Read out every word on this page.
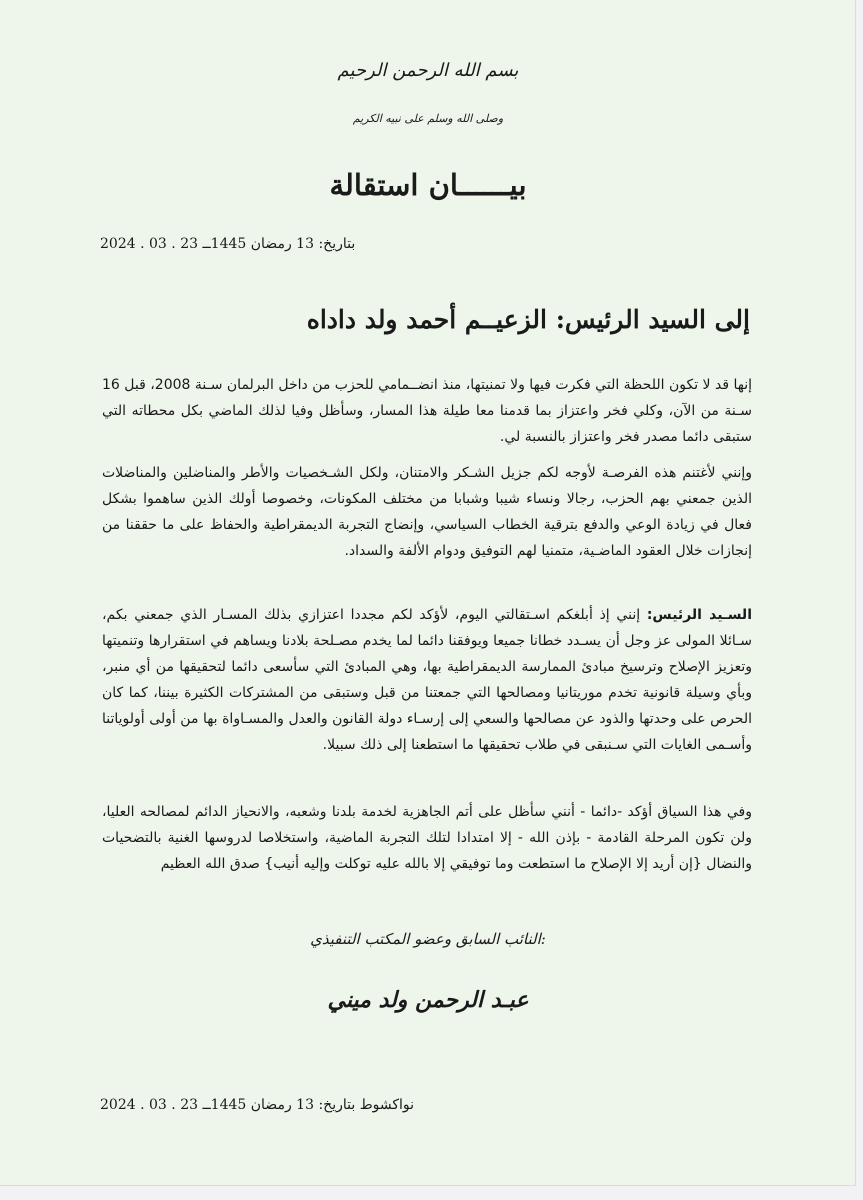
بسم الله الرحمن الرحيم
وصلى الله وسلم على نبيه الكريم
بيــــــان استقالة
بتاريخ: 13 رمضان 1445ــ 23 . 03 . 2024
إلى السيد الرئيس: الزعيــم أحمد ولد داداه
إنها قد لا تكون اللحظة التي فكرت فيها ولا تمنيتها، منذ انضــمامي للحزب من داخل البرلمان سـنة 2008، قبل 16 سـنة من الآن، وكلي فخر واعتزاز بما قدمنا معا طيلة هذا المسار، وسأظل وفيا لذلك الماضي بكل محطاته التي ستبقى دائما مصدر فخر واعتزاز بالنسبة لي.
وإنني لأغتنم هذه الفرصـة لأوجه لكم جزيل الشـكر والامتنان، ولكل الشـخصيات والأطر والمناضلين والمناضلات الذين جمعني بهم الحزب، رجالا ونساء شيبا وشبابا من مختلف المكونات، وخصوصا أولك الذين ساهموا بشكل فعال في زيادة الوعي والدفع بترقية الخطاب السياسي، وإنضاج التجربة الديمقراطية والحفاظ على ما حققنا من إنجازات خلال العقود الماضـية، متمنيا لهم التوفيق ودوام الألفة والسداد.
السـيد الرئيس: إنني إذ أبلغكم اسـتقالتي اليوم، لأؤكد لكم مجددا اعتزازي بذلك المسـار الذي جمعني بكم، سـائلا المولى عز وجل أن يسـدد خطانا جميعا ويوفقنا دائما لما يخدم مصـلحة بلادنا ويساهم في استقرارها وتنميتها وتعزيز الإصلاح وترسيخ مبادئ الممارسة الديمقراطية بها، وهي المبادئ التي سأسعى دائما لتحقيقها من أي منبر، وبأي وسيلة قانونية تخدم موريتانيا ومصالحها التي جمعتنا من قبل وستبقى من المشتركات الكثيرة بيننا، كما كان الحرص على وحدتها والذود عن مصالحها والسعي إلى إرسـاء دولة القانون والعدل والمسـاواة بها من أولى أولوياتنا وأسـمى الغايات التي سـنبقى في طلاب تحقيقها ما استطعنا إلى ذلك سبيلا.
وفي هذا السياق أؤكد -دائما - أنني سأظل على أتم الجاهزية لخدمة بلدنا وشعبه، والانحياز الدائم لمصالحه العليا، ولن تكون المرحلة القادمة - بإذن الله - إلا امتدادا لتلك التجربة الماضية، واستخلاصا لدروسها الغنية بالتضحيات والنضال {إن أريد إلا الإصلاح ما استطعت وما توفيقي إلا بالله عليه توكلت وإليه أنيب} صدق الله العظيم
النائب السابق وعضو المكتب التنفيذي:
عبـد الرحمن ولد ميني
نواكشوط بتاريخ: 13 رمضان 1445ــ 23 . 03 . 2024
